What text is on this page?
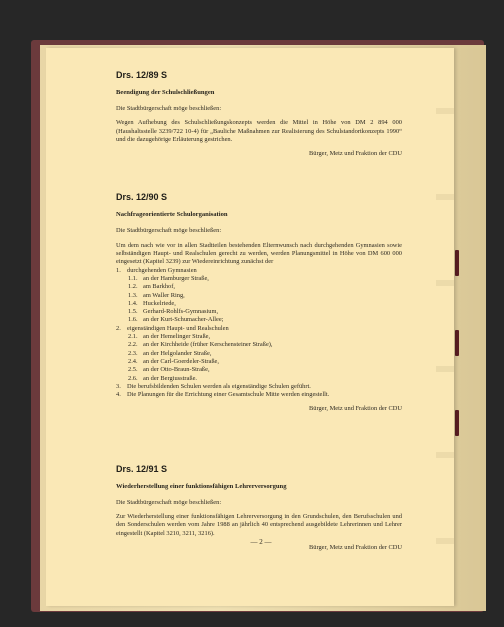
Drs. 12/89 S
Beendigung der Schulschließungen
Die Stadtbürgerschaft möge beschließen:
Wegen Aufhebung des Schulschließungskonzepts werden die Mittel in Höhe von DM 2 894 000 (Haushaltsstelle 3239/722 10-4) für „Bauliche Maßnahmen zur Realisierung des Schulstandortkonzepts 1990“ und die dazugehörige Erläuterung gestrichen.
Bürger, Metz und Fraktion der CDU
Drs. 12/90 S
Nachfrageorientierte Schulorganisation
Die Stadtbürgerschaft möge beschließen:
Um dem nach wie vor in allen Stadtteilen bestehenden Elternwunsch nach durchgehenden Gymnasien sowie selbständigen Haupt- und Realschulen gerecht zu werden, werden Planungsmittel in Höhe von DM 600 000 eingesetzt (Kapitel 3239) zur Wiedereinrichtung zunächst der
1. durchgehenden Gymnasien
1.1. an der Hamburger Straße,
1.2. am Barkhof,
1.3. am Waller Ring,
1.4. Huckelriede,
1.5. Gerhard-Rohlfs-Gymnasium,
1.6. an der Kurt-Schumacher-Allee;
2. eigenständigen Haupt- und Realschulen
2.1. an der Hemelinger Straße,
2.2. an der Kirchheide (früher Kerschensteiner Straße),
2.3. an der Helgolander Straße,
2.4. an der Carl-Goerdeler-Straße,
2.5. an der Otto-Braun-Straße,
2.6. an der Bergiusstraße.
3. Die berufsbildenden Schulen werden als eigenständige Schulen geführt.
4. Die Planungen für die Errichtung einer Gesamtschule Mitte werden eingestellt.
Bürger, Metz und Fraktion der CDU
Drs. 12/91 S
Wiederherstellung einer funktionsfähigen Lehrerversorgung
Die Stadtbürgerschaft möge beschließen:
Zur Wiederherstellung einer funktionsfähigen Lehrerversorgung in den Grundschulen, den Berufsschulen und den Sonderschulen werden vom Jahre 1988 an jährlich 40 entsprechend ausgebildete Lehrerinnen und Lehrer eingestellt (Kapitel 3210, 3211, 3216).
Bürger, Metz und Fraktion der CDU
— 2 —
